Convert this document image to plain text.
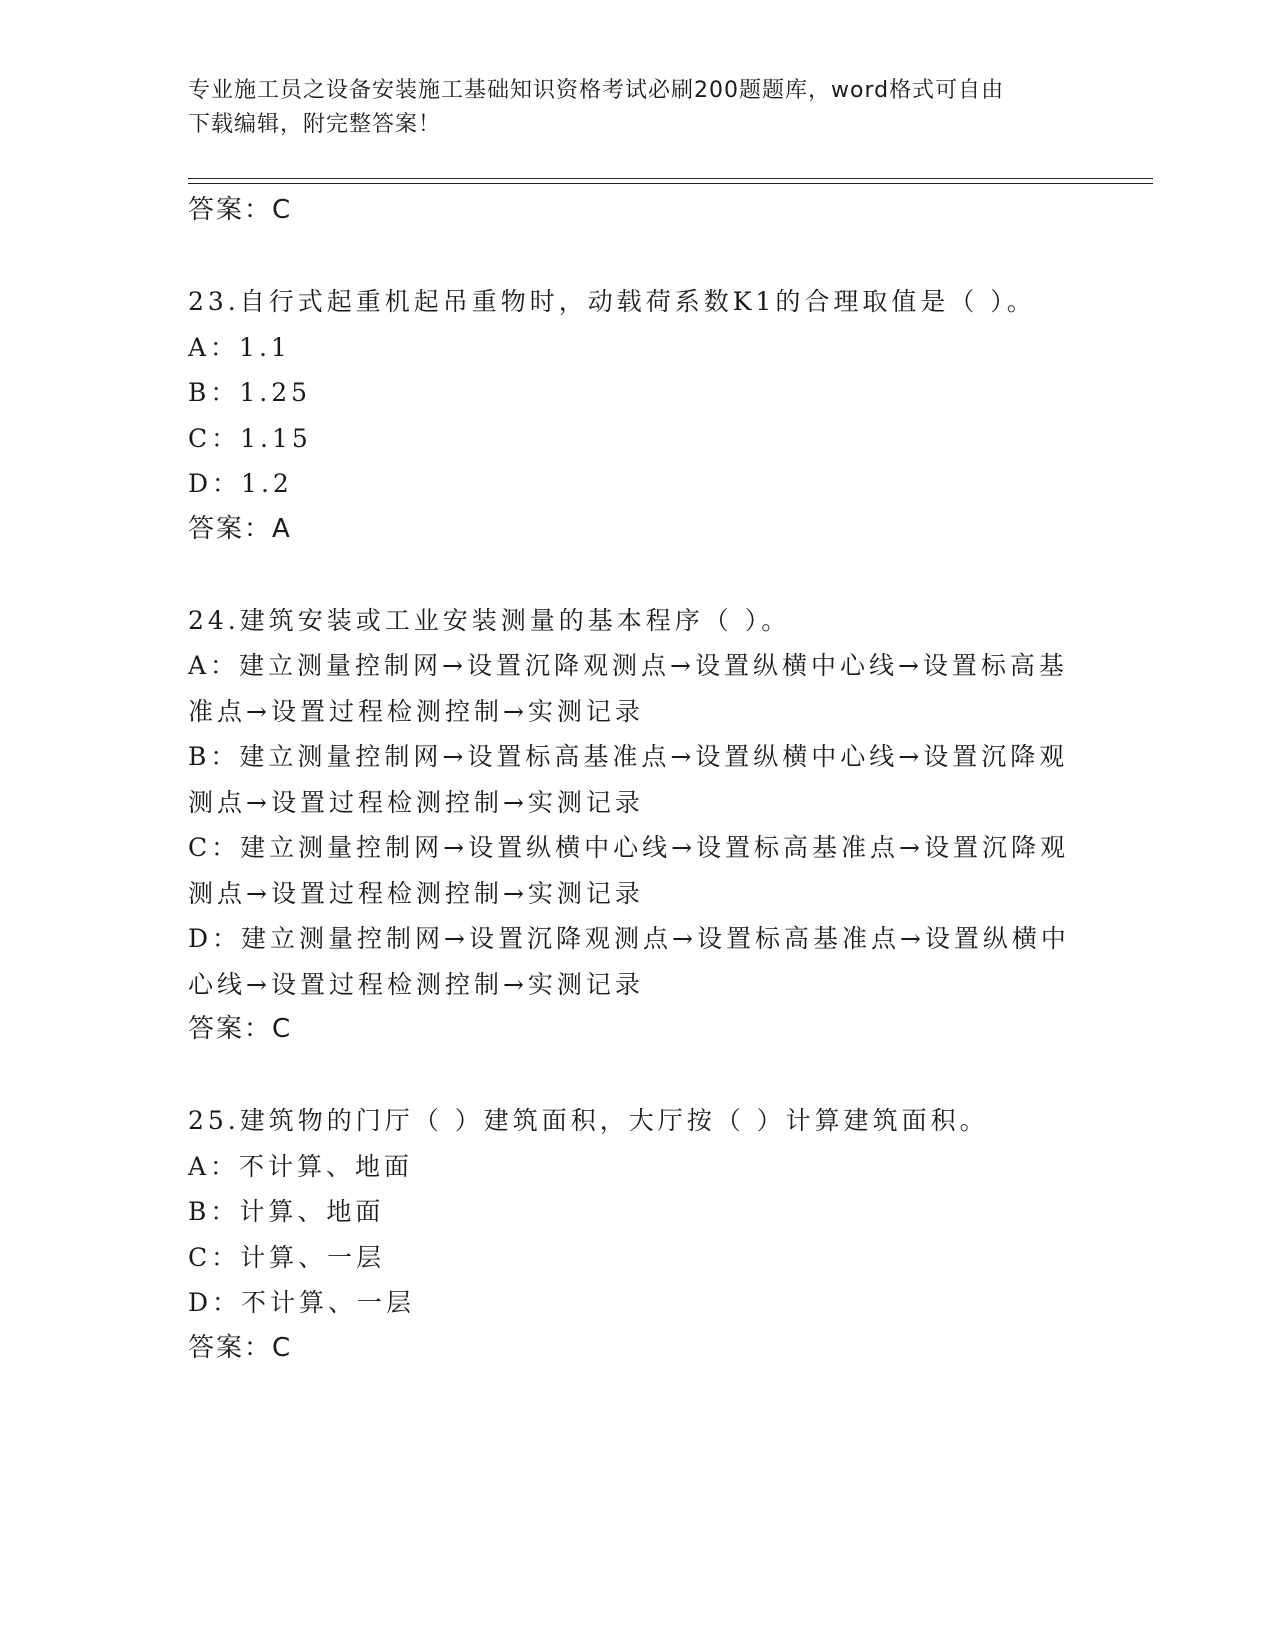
专业施工员之设备安装施工基础知识资格考试必刷200题题库，word格式可自由
下载编辑，附完整答案！
答案：C
23.自行式起重机起吊重物时，动载荷系数K1的合理取值是（ ）。
A：1.1
B：1.25
C：1.15
D：1.2
答案：A
24.建筑安装或工业安装测量的基本程序（ ）。
A：建立测量控制网→设置沉降观测点→设置纵横中心线→设置标高基
准点→设置过程检测控制→实测记录
B：建立测量控制网→设置标高基准点→设置纵横中心线→设置沉降观
测点→设置过程检测控制→实测记录
C：建立测量控制网→设置纵横中心线→设置标高基准点→设置沉降观
测点→设置过程检测控制→实测记录
D：建立测量控制网→设置沉降观测点→设置标高基准点→设置纵横中
心线→设置过程检测控制→实测记录
答案：C
25.建筑物的门厅（ ）建筑面积，大厅按（ ）计算建筑面积。
A：不计算、地面
B：计算、地面
C：计算、一层
D：不计算、一层
答案：C
